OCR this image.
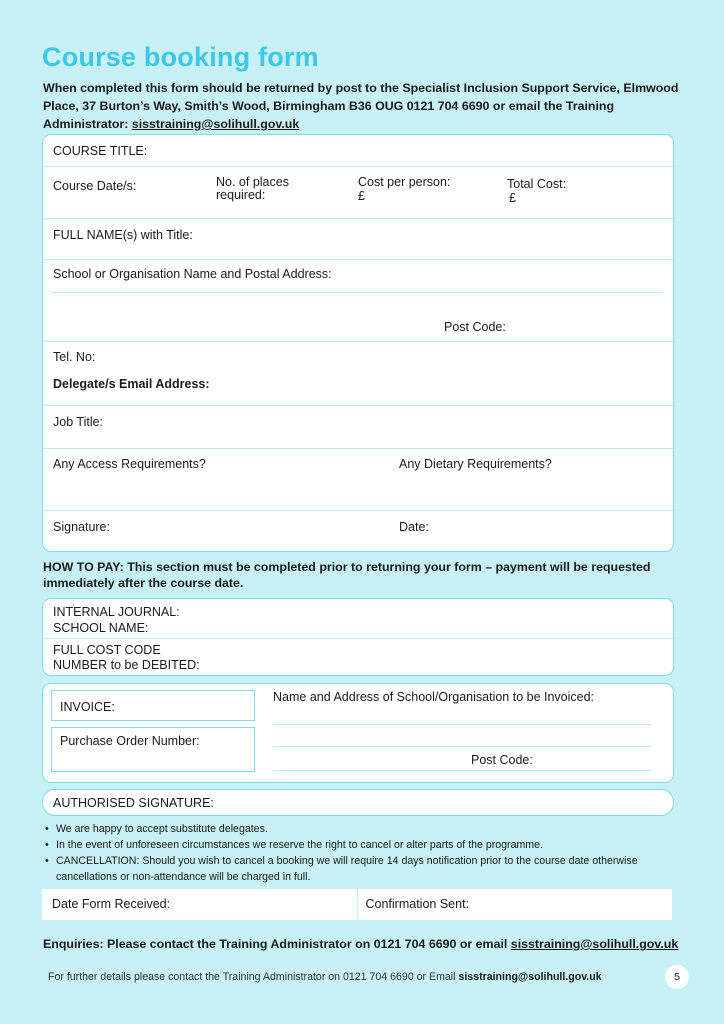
Course booking form
When completed this form should be returned by post to the Specialist Inclusion Support Service, Elmwood Place, 37 Burton’s Way, Smith’s Wood, Birmingham B36 OUG 0121 704 6690 or email the Training Administrator: sisstraining@solihull.gov.uk
COURSE TITLE:
Course Date/s:	No. of places
required:
Cost per person:
£
Total Cost:
£
FULL NAME(s) with Title:
School or Organisation Name and Postal Address:
Post Code:
Tel. No:
Delegate/s Email Address:
Job Title:
Any Access Requirements?	Any Dietary Requirements?
Signature:	Date:
HOW TO PAY: This section must be completed prior to returning your form – payment will be requested immediately after the course date.
INTERNAL JOURNAL:
SCHOOL NAME:
FULL COST CODE
NUMBER to be DEBITED:
INVOICE:
Purchase Order Number:
Name and Address of School/Organisation to be Invoiced:
Post Code:
AUTHORISED SIGNATURE:
• We are happy to accept substitute delegates.
• In the event of unforeseen circumstances we reserve the right to cancel or alter parts of the programme.
• CANCELLATION: Should you wish to cancel a booking we will require 14 days notification prior to the course date otherwise cancellations or non-attendance will be charged in full.
Date Form Received:	Confirmation Sent:
Enquiries: Please contact the Training Administrator on 0121 704 6690 or email sisstraining@solihull.gov.uk
For further details please contact the Training Administrator on 0121 704 6690 or Email sisstraining@solihull.gov.uk	5
